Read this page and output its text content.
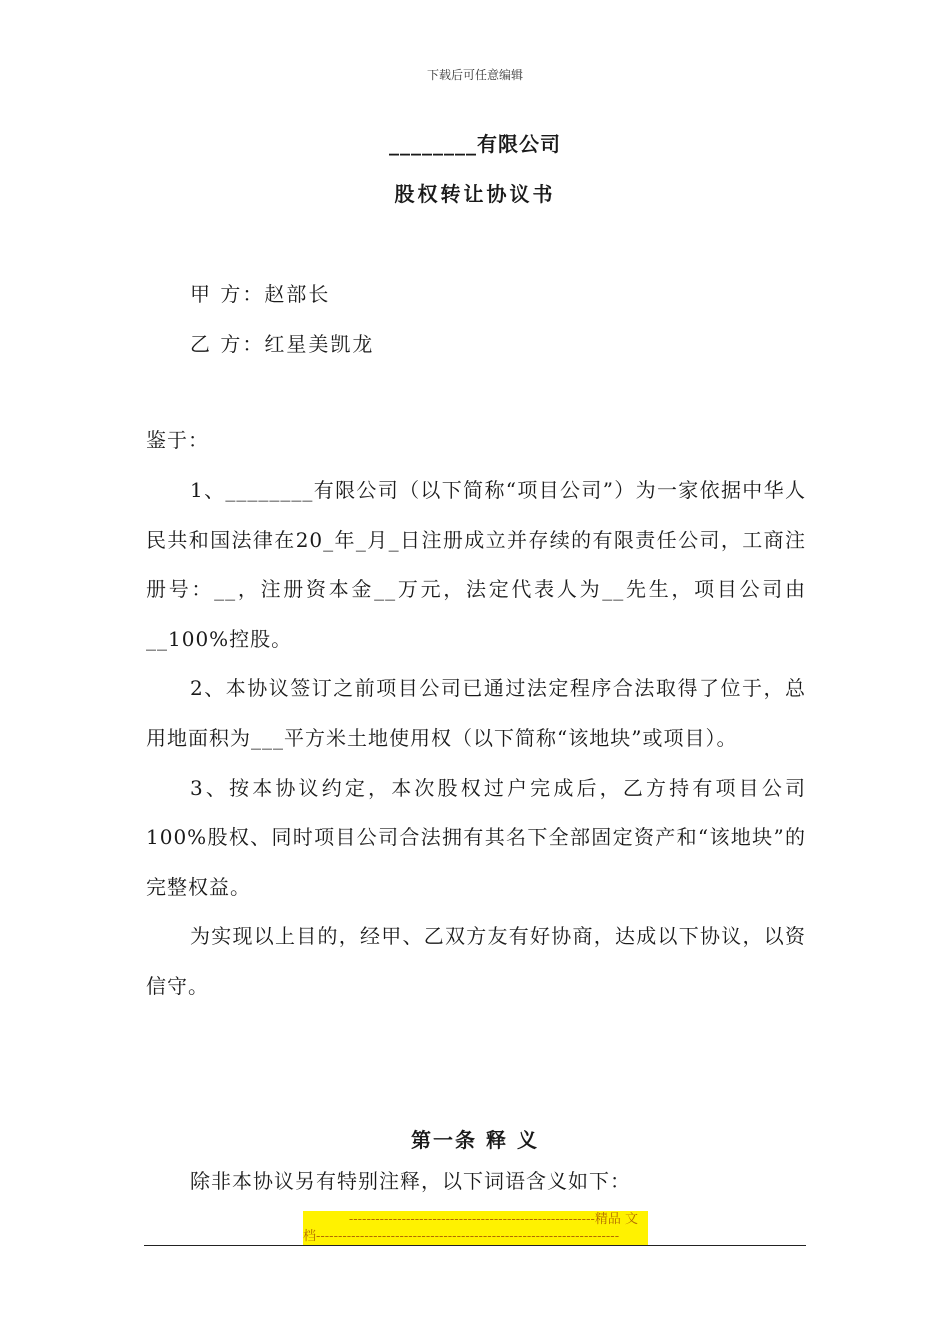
下载后可任意编辑
________有限公司
股权转让协议书
甲 方：赵部长
乙 方：红星美凯龙

鉴于：

1、________有限公司（以下简称“项目公司”）为一家依据中华人民共和国法律在20_年_月_日注册成立并存续的有限责任公司，工商注册号：__，注册资本金__万元，法定代表人为__先生，项目公司由__100%控股。

2、本协议签订之前项目公司已通过法定程序合法取得了位于，总用地面积为___平方米土地使用权（以下简称“该地块”或项目）。

3、按本协议约定，本次股权过户完成后，乙方持有项目公司100%股权、同时项目公司合法拥有其名下全部固定资产和“该地块”的完整权益。

为实现以上目的，经甲、乙双方友有好协商，达成以下协议，以资信守。

第一条 释 义
除非本协议另有特别注释，以下词语含义如下：
--------------------------------------------------------精品 文
档---------------------------------------------------------------------
